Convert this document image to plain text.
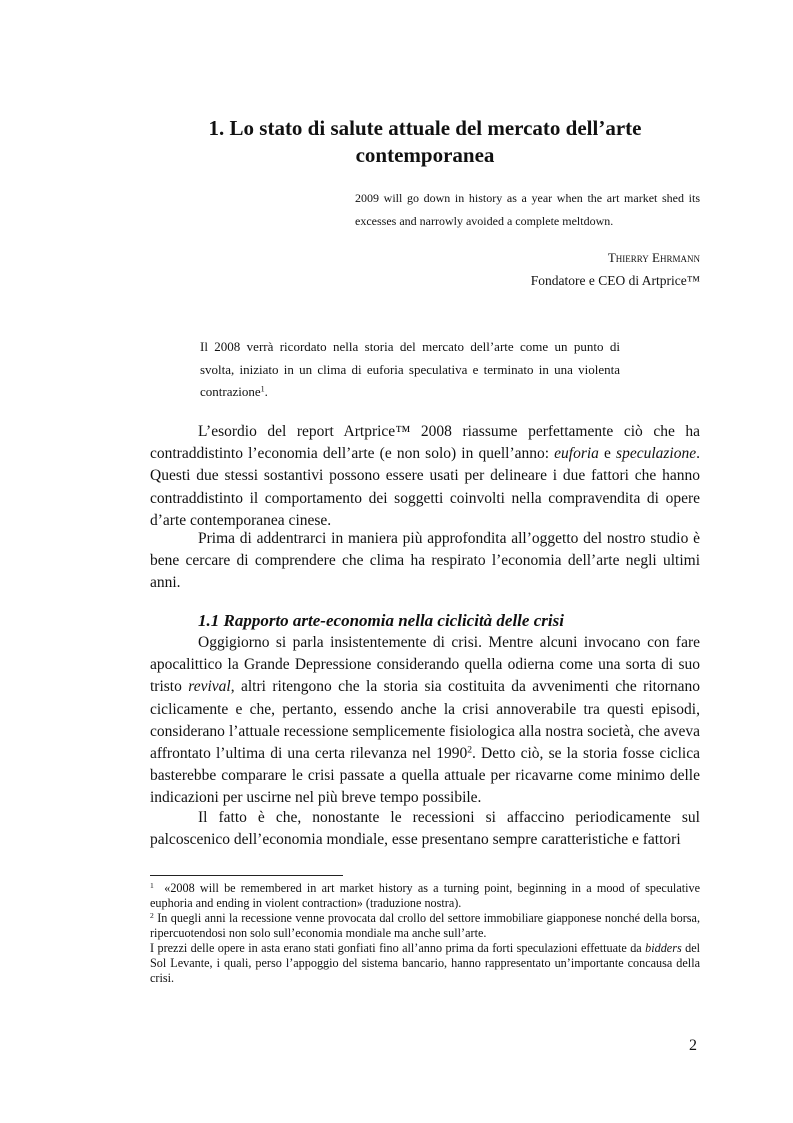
1. Lo stato di salute attuale del mercato dell’arte
contemporanea
2009 will go down in history as a year when the art market shed its excesses and narrowly avoided a complete meltdown.
Thierry Ehrmann
Fondatore e CEO di Artprice™
Il 2008 verrà ricordato nella storia del mercato dell’arte come un punto di svolta, iniziato in un clima di euforia speculativa e terminato in una violenta contrazione$^1$.

L’esordio del report Artprice™ 2008 riassume perfettamente ciò che ha contraddistinto l’economia dell’arte (e non solo) in quell’anno: euforia e speculazione. Questi due stessi sostantivi possono essere usati per delineare i due fattori che hanno contraddistinto il comportamento dei soggetti coinvolti nella compravendita di opere d’arte contemporanea cinese.

Prima di addentrarci in maniera più approfondita all’oggetto del nostro studio è bene cercare di comprendere che clima ha respirato l’economia dell’arte negli ultimi anni.

1.1 Rapporto arte-economia nella ciclicità delle crisi

Oggigiorno si parla insistentemente di crisi. Mentre alcuni invocano con fare apocalittico la Grande Depressione considerando quella odierna come una sorta di suo tristo revival, altri ritengono che la storia sia costituita da avvenimenti che ritornano ciclicamente e che, pertanto, essendo anche la crisi annoverabile tra questi episodi, considerano l’attuale recessione semplicemente fisiologica alla nostra società, che aveva affrontato l’ultima di una certa rilevanza nel 1990$^2$. Detto ciò, se la storia fosse ciclica basterebbe comparare le crisi passate a quella attuale per ricavarne come minimo delle indicazioni per uscirne nel più breve tempo possibile.

Il fatto è che, nonostante le recessioni si affaccino periodicamente sul palcoscenico dell’economia mondiale, esse presentano sempre caratteristiche e fattori

$^1$ «2008 will be remembered in art market history as a turning point, beginning in a mood of speculative euphoria and ending in violent contraction» (traduzione nostra).

$^2$ In quegli anni la recessione venne provocata dal crollo del settore immobiliare giapponese nonché della borsa, ripercuotendosi non solo sull’economia mondiale ma anche sull’arte.

I prezzi delle opere in asta erano stati gonfiati fino all’anno prima da forti speculazioni effettuate da bidders del Sol Levante, i quali, perso l’appoggio del sistema bancario, hanno rappresentato un’importante concausa della crisi.

2
